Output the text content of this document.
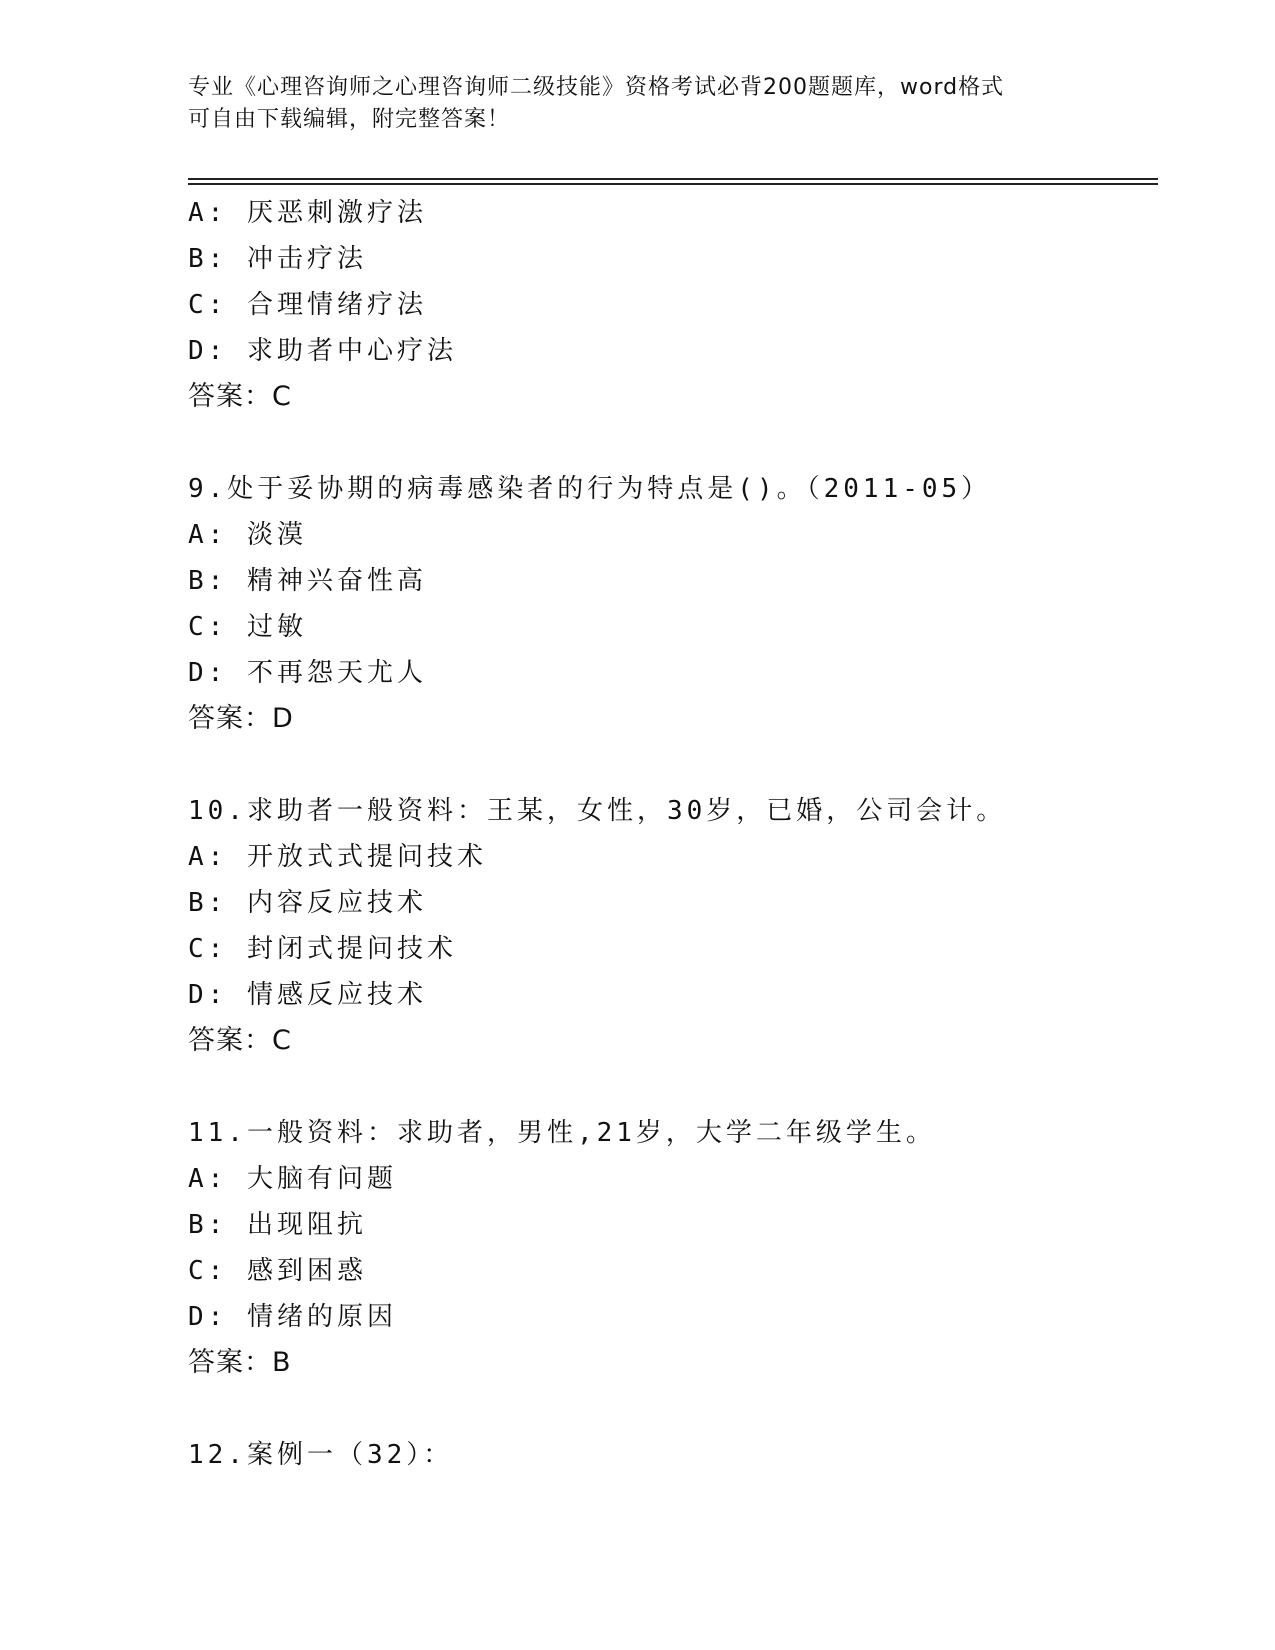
专业《心理咨询师之心理咨询师二级技能》资格考试必背200题题库，word格式
可自由下载编辑，附完整答案！
A: 厌恶刺激疗法
B: 冲击疗法
C: 合理情绪疗法
D: 求助者中心疗法
答案：C
9.处于妥协期的病毒感染者的行为特点是()。（2011-05）
A: 淡漠
B: 精神兴奋性高
C: 过敏
D: 不再怨天尤人
答案：D
10.求助者一般资料：王某，女性，30岁，已婚，公司会计。
A: 开放式式提问技术
B: 内容反应技术
C: 封闭式提问技术
D: 情感反应技术
答案：C
11.一般资料：求助者，男性,21岁，大学二年级学生。
A: 大脑有问题
B: 出现阻抗
C: 感到困惑
D: 情绪的原因
答案：B
12.案例一（32）：
